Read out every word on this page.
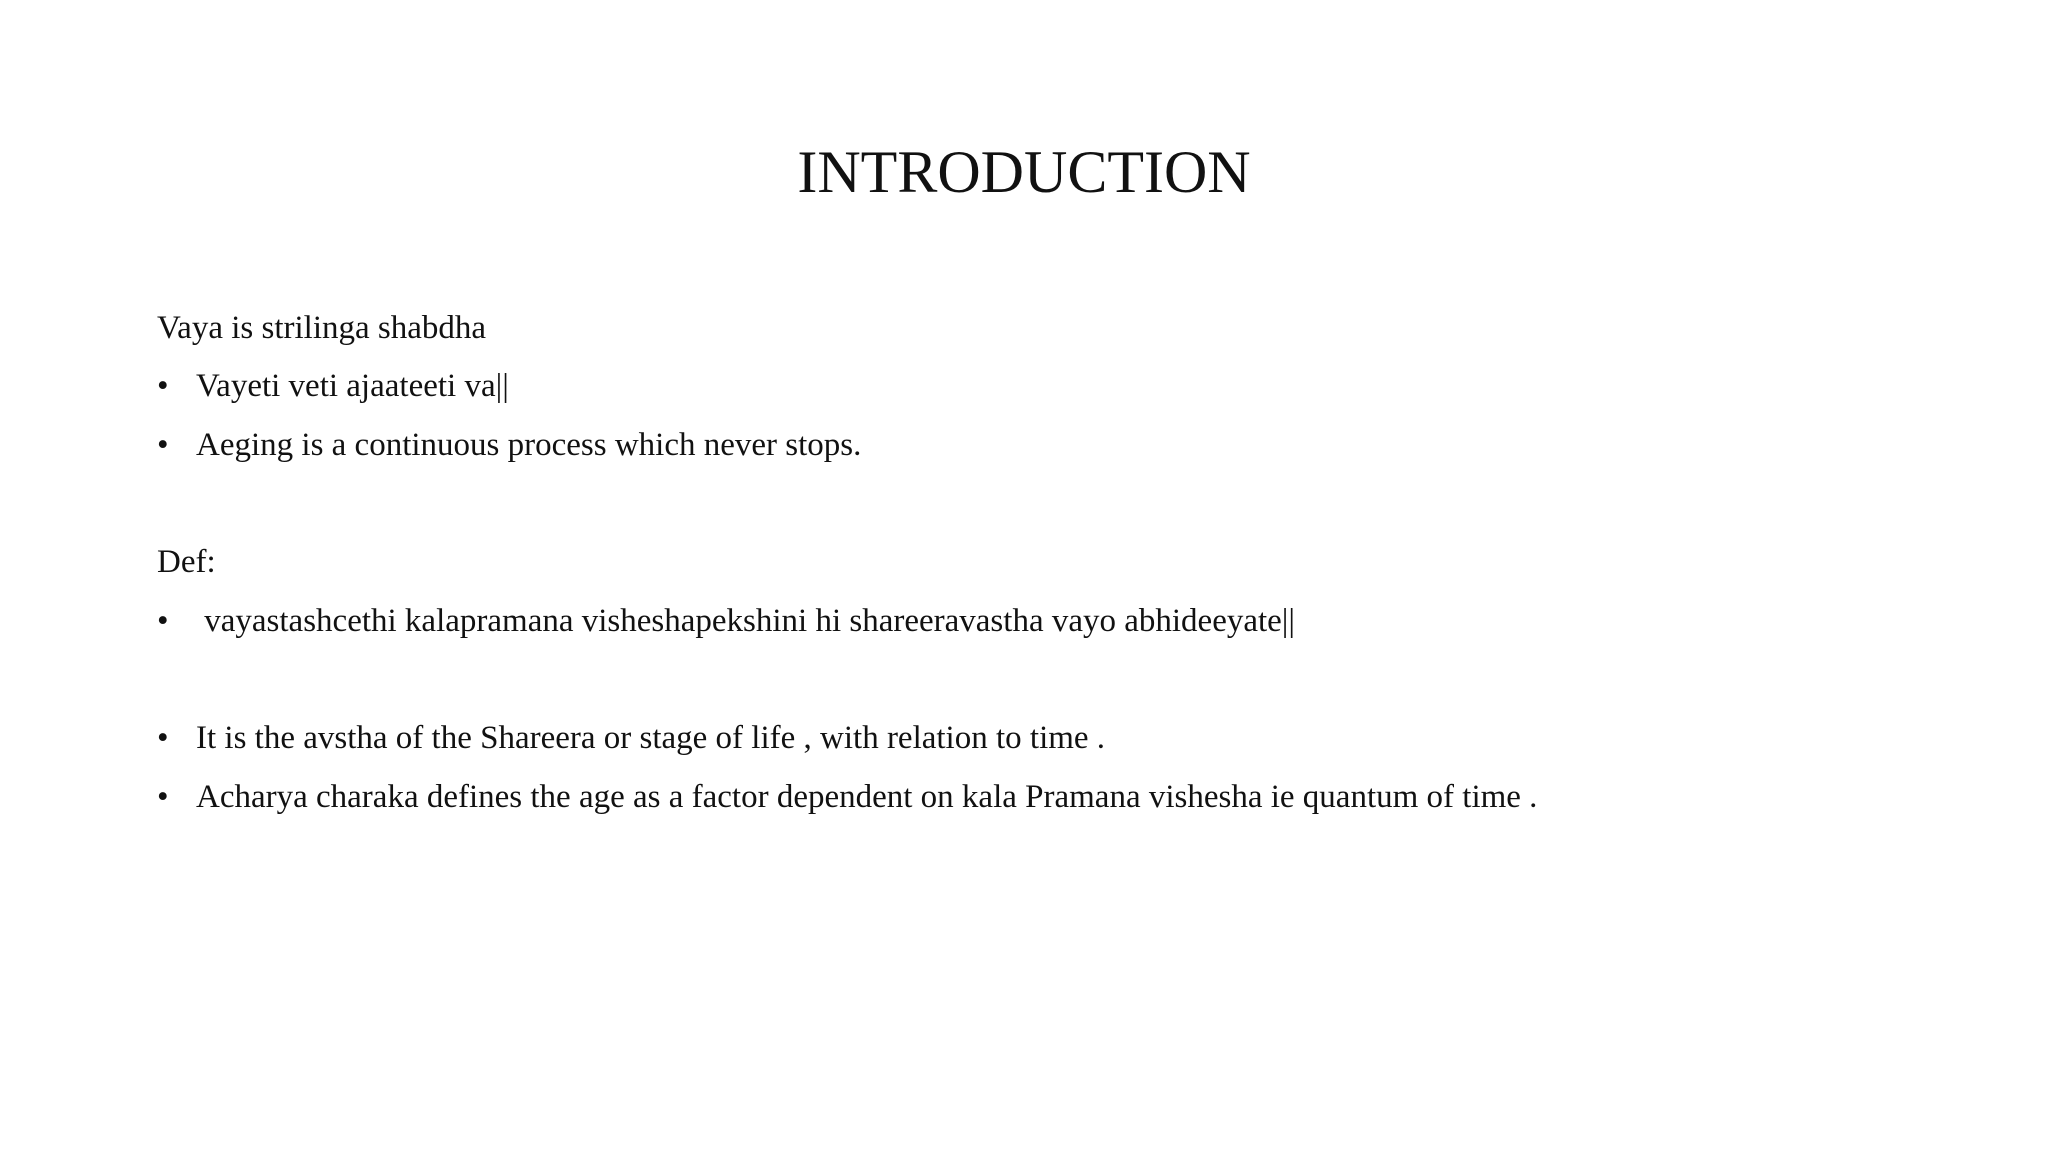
INTRODUCTION
Vaya is strilinga shabdha
• Vayeti veti ajaateeti va||
• Aeging is a continuous process which never stops.
Def:
• vayastashcethi kalapramana visheshapekshini hi shareeravastha vayo abhideeyate||
• It is the avstha of the Shareera or stage of life , with relation to time .
• Acharya charaka defines the age as a factor dependent on kala Pramana vishesha ie quantum of time .
